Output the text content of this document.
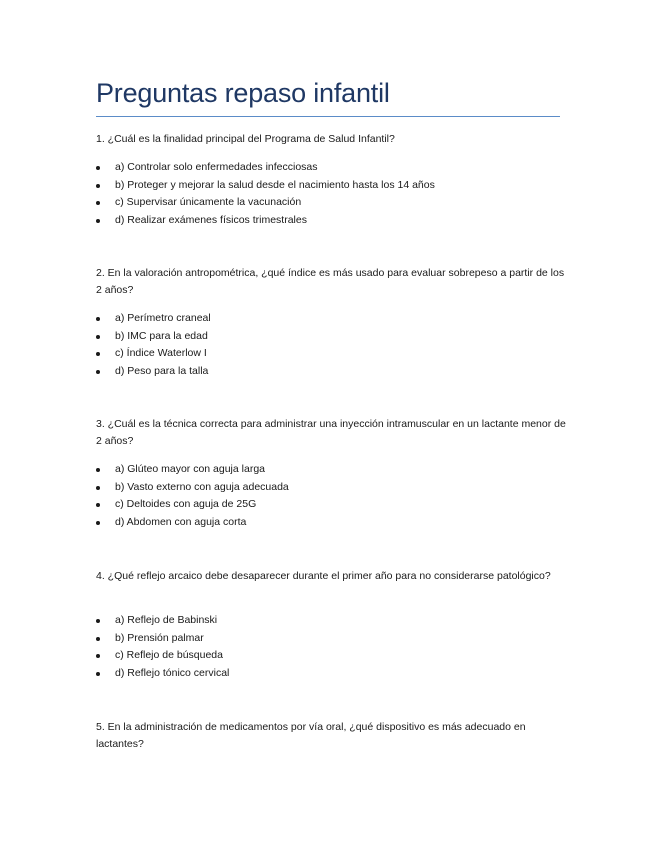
Preguntas repaso infantil
1. ¿Cuál es la finalidad principal del Programa de Salud Infantil?
a) Controlar solo enfermedades infecciosas
b) Proteger y mejorar la salud desde el nacimiento hasta los 14 años
c) Supervisar únicamente la vacunación
d) Realizar exámenes físicos trimestrales
2. En la valoración antropométrica, ¿qué índice es más usado para evaluar sobrepeso a partir de los 2 años?
a) Perímetro craneal
b) IMC para la edad
c) Índice Waterlow I
d) Peso para la talla
3. ¿Cuál es la técnica correcta para administrar una inyección intramuscular en un lactante menor de 2 años?
a) Glúteo mayor con aguja larga
b) Vasto externo con aguja adecuada
c) Deltoides con aguja de 25G
d) Abdomen con aguja corta
4. ¿Qué reflejo arcaico debe desaparecer durante el primer año para no considerarse patológico?
a) Reflejo de Babinski
b) Prensión palmar
c) Reflejo de búsqueda
d) Reflejo tónico cervical
5. En la administración de medicamentos por vía oral, ¿qué dispositivo es más adecuado en lactantes?
